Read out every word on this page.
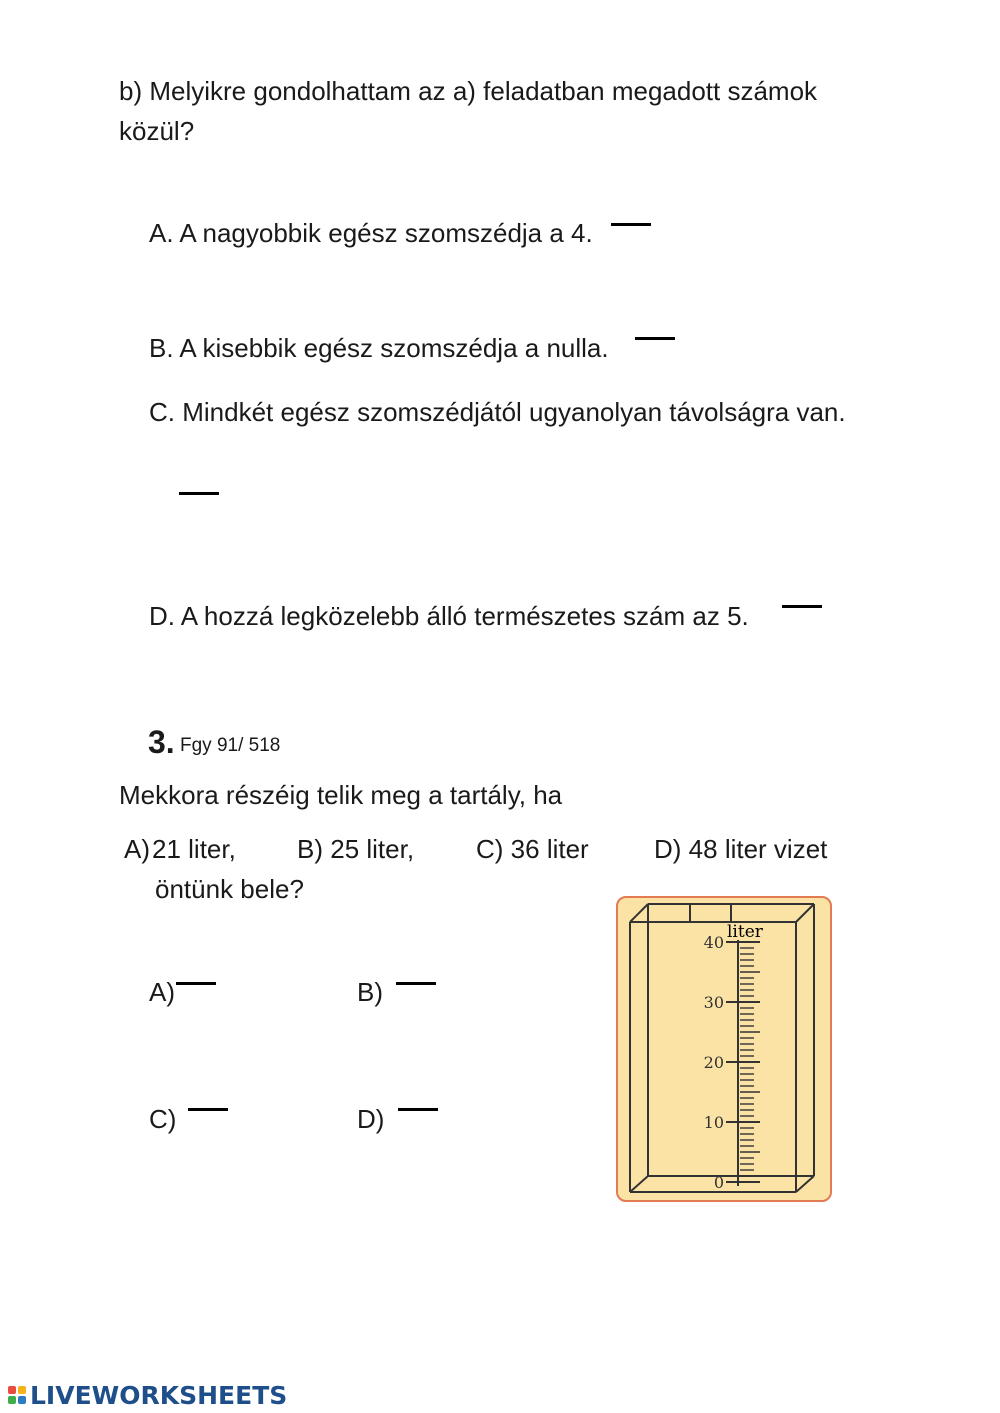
b) Melyikre gondolhattam az a) feladatban megadott számok
közül?
A. A nagyobbik egész szomszédja a 4.
B. A kisebbik egész szomszédja a nulla.
C. Mindkét egész szomszédjától ugyanolyan távolságra van.
D. A hozzá legközelebb álló természetes szám az 5.
3. Fgy 91/ 518
Mekkora részéig telik meg a tartály, ha
A)21 liter, B) 25 liter, C) 36 liter	D) 48 liter vizet
öntünk bele?
A)	B)
C)	D)
liter
0
10
20
30
40
LIVEWORKSHEETS
